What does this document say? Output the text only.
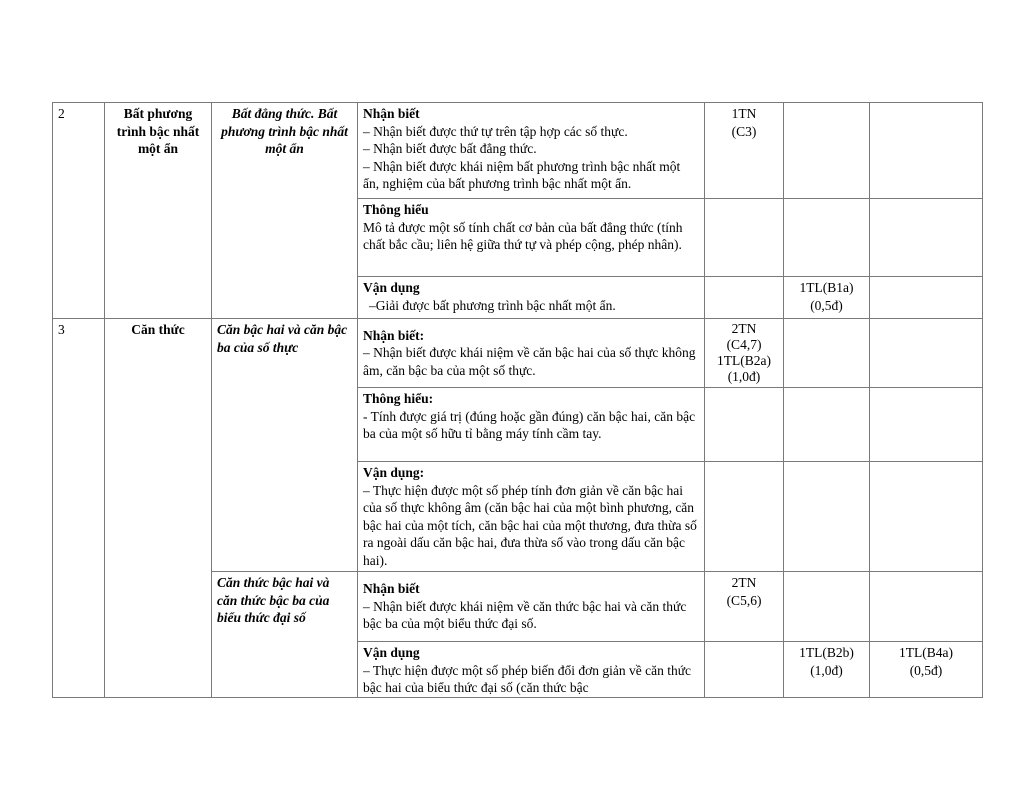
2	Bất phương trình bậc nhất một ẩn	Bất đẳng thức. Bất phương trình bậc nhất một ẩn	Nhận biết
– Nhận biết được thứ tự trên tập hợp các số thực.
– Nhận biết được bất đẳng thức.
– Nhận biết được khái niệm bất phương trình bậc nhất một ẩn, nghiệm của bất phương trình bậc nhất một ẩn.	1TN
(C3)		

			Thông hiểu
Mô tả được một số tính chất cơ bản của bất đẳng thức (tính chất bắc cầu; liên hệ giữa thứ tự và phép cộng, phép nhân).			

			Vận dụng
–Giải được bất phương trình bậc nhất một ẩn.		1TL(B1a)
(0,5đ)	

3	Căn thức	Căn bậc hai và căn bậc ba của số thực	Nhận biết:
– Nhận biết được khái niệm về căn bậc hai của số thực không âm, căn bậc ba của một số thực.	2TN
(C4,7)
1TL(B2a)
(1,0đ)		

			Thông hiểu:
- Tính được giá trị (đúng hoặc gần đúng) căn bậc hai, căn bậc ba của một số hữu tỉ bằng máy tính cầm tay.			

			Vận dụng:
– Thực hiện được một số phép tính đơn giản về căn bậc hai của số thực không âm (căn bậc hai của một bình phương, căn bậc hai của một tích, căn bậc hai của một thương, đưa thừa số ra ngoài dấu căn bậc hai, đưa thừa số vào trong dấu căn bậc hai).			

		Căn thức bậc hai và căn thức bậc ba của biểu thức đại số	Nhận biết
– Nhận biết được khái niệm về căn thức bậc hai và căn thức bậc ba của một biểu thức đại số.	2TN
(C5,6)		

			Vận dụng
– Thực hiện được một số phép biến đổi đơn giản về căn thức bậc hai của biểu thức đại số (căn thức bậc		1TL(B2b)
(1,0đ)	1TL(B4a)
(0,5đ)
